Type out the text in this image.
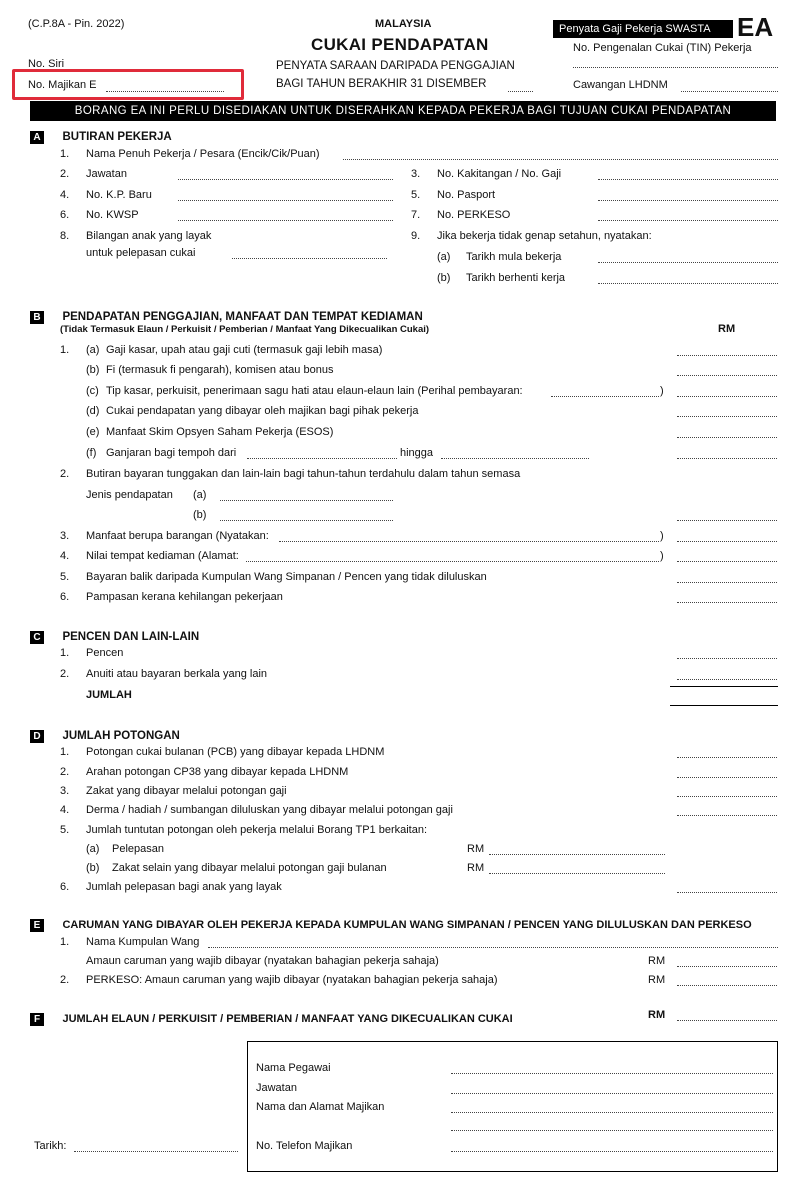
(C.P.8A - Pin. 2022)	MALAYSIA
CUKAI PENDAPATAN
PENYATA SARAAN DARIPADA PENGGAJIAN
BAGI TAHUN BERAKHIR 31 DISEMBER
No. Siri
No. Majikan E
Penyata Gaji Pekerja SWASTA EA
No. Pengenalan Cukai (TIN) Pekerja
Cawangan LHDNM
BORANG EA INI PERLU DISEDIAKAN UNTUK DISERAHKAN KEPADA PEKERJA BAGI TUJUAN CUKAI PENDAPATAN
A BUTIRAN PEKERJA
1. Nama Penuh Pekerja / Pesara (Encik/Cik/Puan)
2. Jawatan	3. No. Kakitangan / No. Gaji
4. No. K.P. Baru	5. No. Pasport
6. No. KWSP	7. No. PERKESO
8. Bilangan anak yang layak
untuk pelepasan cukai
9. Jika bekerja tidak genap setahun, nyatakan:
(a) Tarikh mula bekerja
(b) Tarikh berhenti kerja
B PENDAPATAN PENGGAJIAN, MANFAAT DAN TEMPAT KEDIAMAN
(Tidak Termasuk Elaun / Perkuisit / Pemberian / Manfaat Yang Dikecualikan Cukai)	RM
1. (a) Gaji kasar, upah atau gaji cuti (termasuk gaji lebih masa)
(b) Fi (termasuk fi pengarah), komisen atau bonus
(c) Tip kasar, perkuisit, penerimaan sagu hati atau elaun-elaun lain (Perihal pembayaran:	)
(d) Cukai pendapatan yang dibayar oleh majikan bagi pihak pekerja
(e) Manfaat Skim Opsyen Saham Pekerja (ESOS)
(f) Ganjaran bagi tempoh dari	hingga
2. Butiran bayaran tunggakan dan lain-lain bagi tahun-tahun terdahulu dalam tahun semasa
Jenis pendapatan (a)
(b)
3. Manfaat berupa barangan (Nyatakan:	)
4. Nilai tempat kediaman (Alamat:	)
5. Bayaran balik daripada Kumpulan Wang Simpanan / Pencen yang tidak diluluskan
6. Pampasan kerana kehilangan pekerjaan
C PENCEN DAN LAIN-LAIN
1. Pencen
2. Anuiti atau bayaran berkala yang lain
JUMLAH
D JUMLAH POTONGAN
1. Potongan cukai bulanan (PCB) yang dibayar kepada LHDNM
2. Arahan potongan CP38 yang dibayar kepada LHDNM
3. Zakat yang dibayar melalui potongan gaji
4. Derma / hadiah / sumbangan diluluskan yang dibayar melalui potongan gaji
5. Jumlah tuntutan potongan oleh pekerja melalui Borang TP1 berkaitan:
(a) Pelepasan	RM
(b) Zakat selain yang dibayar melalui potongan gaji bulanan	RM
6. Jumlah pelepasan bagi anak yang layak
E CARUMAN YANG DIBAYAR OLEH PEKERJA KEPADA KUMPULAN WANG SIMPANAN / PENCEN YANG DILULUSKAN DAN PERKESO
1. Nama Kumpulan Wang
Amaun caruman yang wajib dibayar (nyatakan bahagian pekerja sahaja)	RM
2. PERKESO: Amaun caruman yang wajib dibayar (nyatakan bahagian pekerja sahaja)	RM
F JUMLAH ELAUN / PERKUISIT / PEMBERIAN / MANFAAT YANG DIKECUALIKAN CUKAI	RM
Nama Pegawai
Jawatan
Nama dan Alamat Majikan
No. Telefon Majikan
Tarikh:
